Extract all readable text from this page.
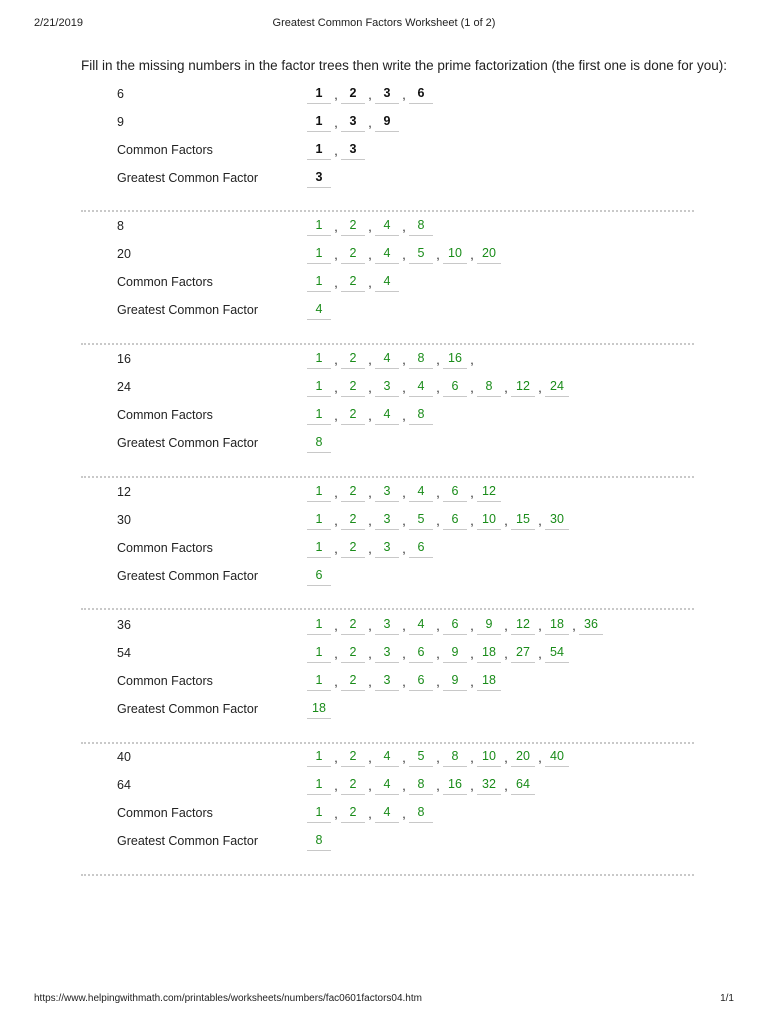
2/21/2019	Greatest Common Factors Worksheet (1 of 2)
Fill in the missing numbers in the factor trees then write the prime factorization (the first one is done for you):
6	1 , 2 , 3 , 6
9	1 , 3 , 9
Common Factors	1 , 3
Greatest Common Factor	3
8	1 , 2 , 4 , 8
20	1 , 2 , 4 , 5 , 10 , 20
Common Factors	1 , 2 , 4
Greatest Common Factor	4
16	1 , 2 , 4 , 8 , 16 ,
24	1 , 2 , 3 , 4 , 6 , 8 , 12 , 24
Common Factors	1 , 2 , 4 , 8
Greatest Common Factor	8
12	1 , 2 , 3 , 4 , 6 , 12
30	1 , 2 , 3 , 5 , 6 , 10 , 15 , 30
Common Factors	1 , 2 , 3 , 6
Greatest Common Factor	6
36	1 , 2 , 3 , 4 , 6 , 9 , 12 , 18 , 36
54	1 , 2 , 3 , 6 , 9 , 18 , 27 , 54
Common Factors	1 , 2 , 3 , 6 , 9 , 18
Greatest Common Factor	18
40	1 , 2 , 4 , 5 , 8 , 10 , 20 , 40
64	1 , 2 , 4 , 8 , 16 , 32 , 64
Common Factors	1 , 2 , 4 , 8
Greatest Common Factor	8
https://www.helpingwithmath.com/printables/worksheets/numbers/fac0601factors04.htm	1/1
